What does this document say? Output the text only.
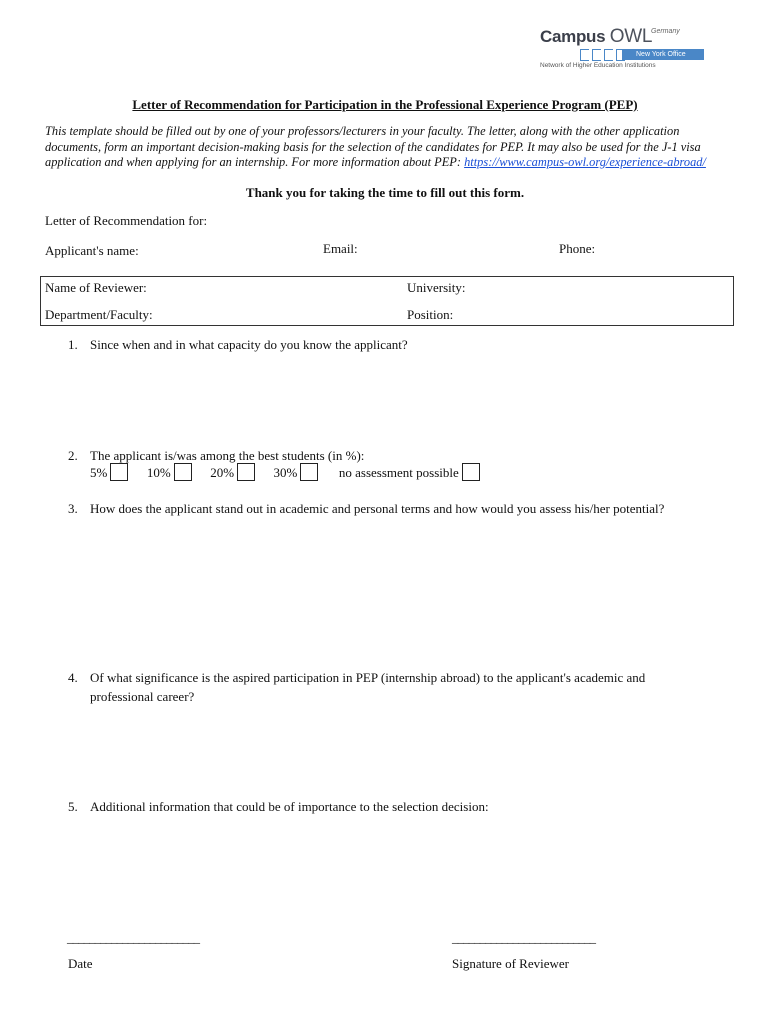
Campus OWL
Germany
New York Office
Network of Higher Education Institutions
Letter of Recommendation for Participation in the Professional Experience Program (PEP)
This template should be filled out by one of your professors/lecturers in your faculty. The letter, along with the other application documents, form an important decision-making basis for the selection of the candidates for PEP. It may also be used for the J-1 visa application and when applying for an internship. For more information about PEP: https://www.campus-owl.org/experience-abroad/
Thank you for taking the time to fill out this form.
Letter of Recommendation for:
Applicant's name:	Email:	Phone:
Name of Reviewer:	University:
Department/Faculty:	Position:
1. Since when and in what capacity do you know the applicant?
2. The applicant is/was among the best students (in %):
5%	10%	20%	30%	no assessment possible
3. How does the applicant stand out in academic and personal terms and how would you assess his/her potential?
4. Of what significance is the aspired participation in PEP (internship abroad) to the applicant's academic and
professional career?
5. Additional information that could be of importance to the selection decision:
________________________	__________________________
Date	Signature of Reviewer
